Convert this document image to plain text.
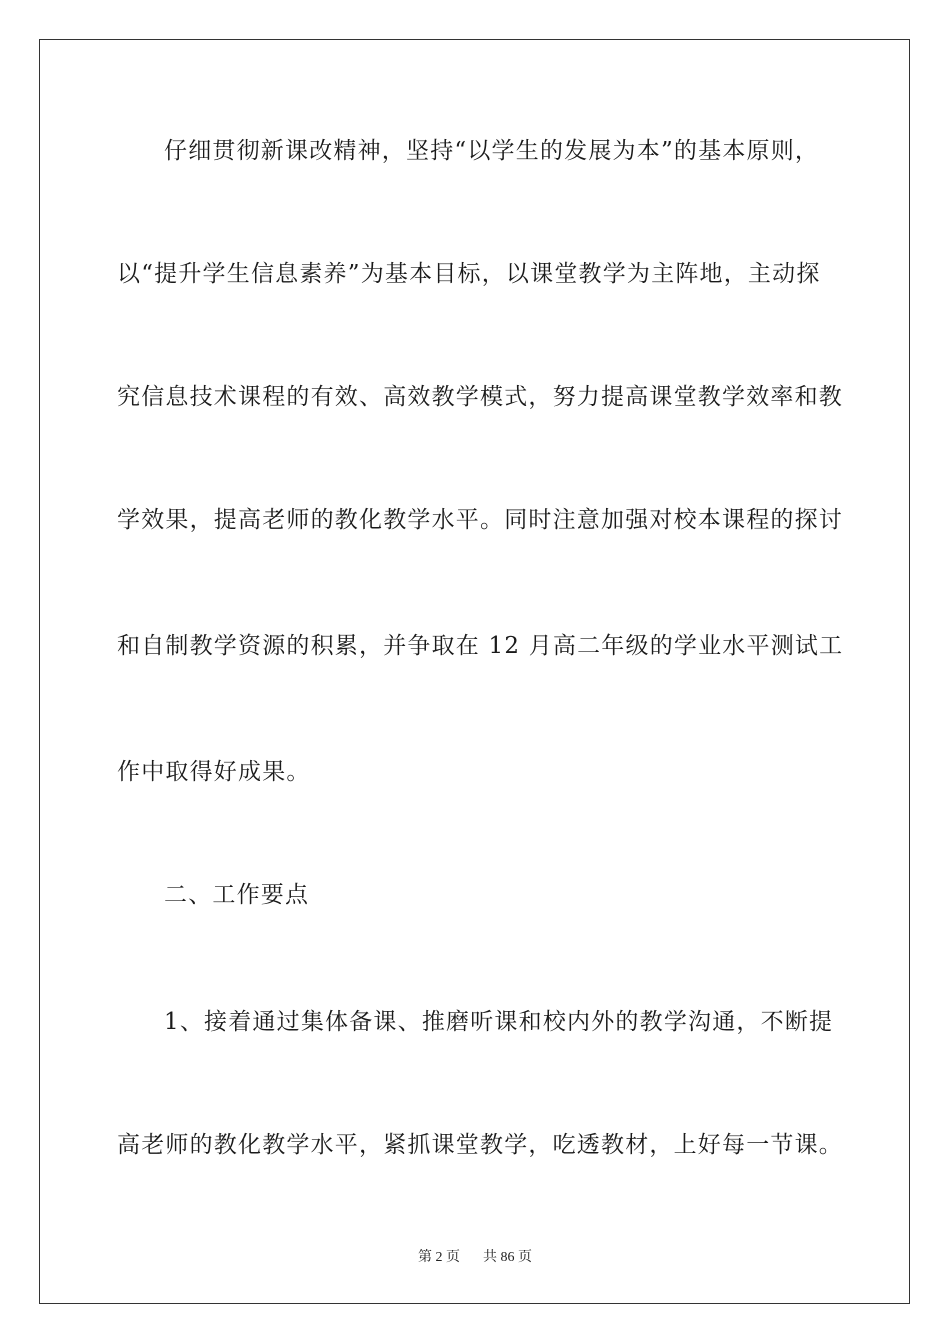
仔细贯彻新课改精神，坚持“以学生的发展为本”的基本原则，
以“提升学生信息素养”为基本目标，以课堂教学为主阵地，主动探
究信息技术课程的有效、高效教学模式，努力提高课堂教学效率和教
学效果，提高老师的教化教学水平。同时注意加强对校本课程的探讨
和自制教学资源的积累，并争取在 12 月高二年级的学业水平测试工
作中取得好成果。
二、工作要点
1、接着通过集体备课、推磨听课和校内外的教学沟通，不断提
高老师的教化教学水平，紧抓课堂教学，吃透教材，上好每一节课。
第 2 页 共 86 页
